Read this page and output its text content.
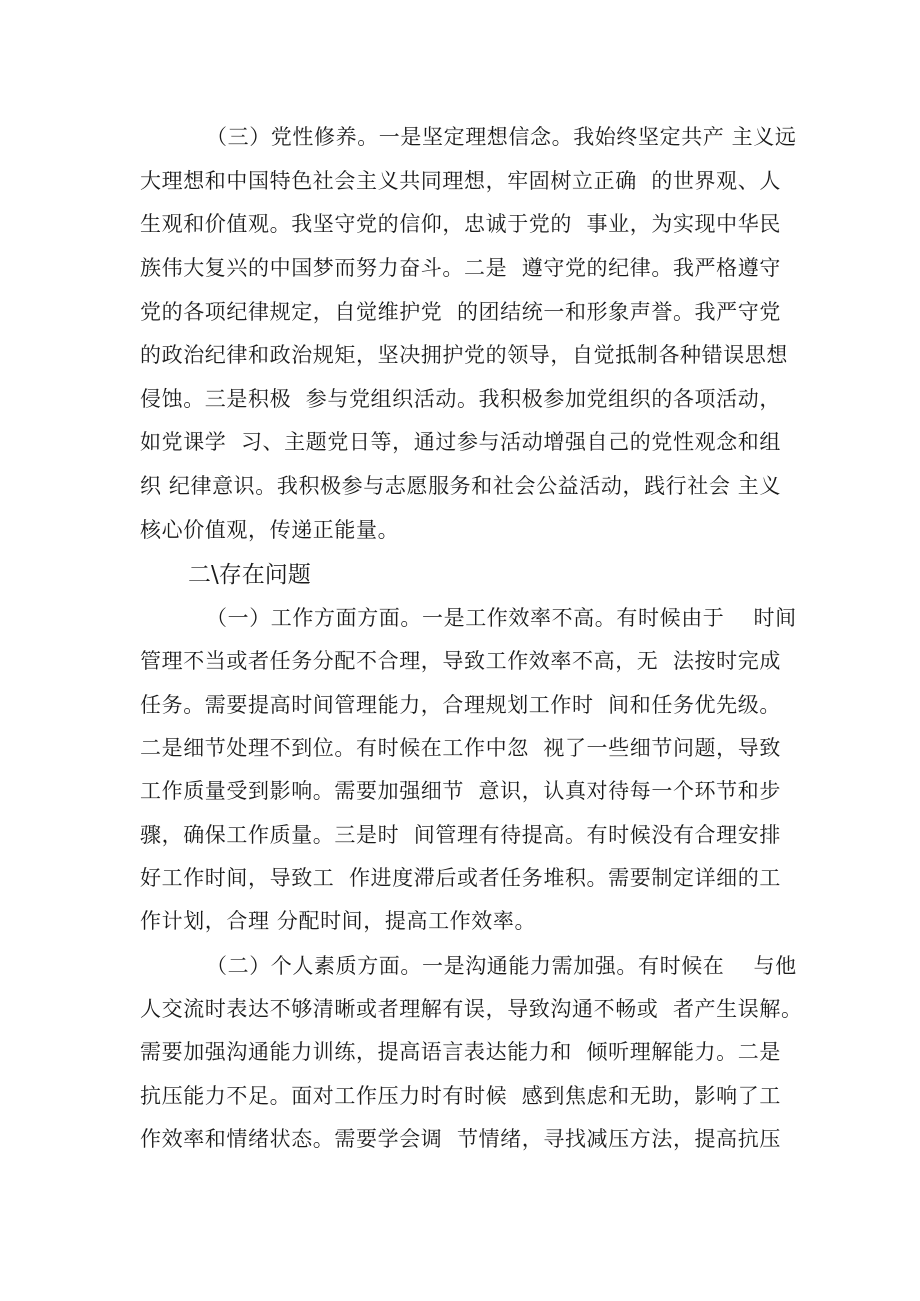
（三）党性修养。一是坚定理想信念。我始终坚定共产 主义远
大理想和中国特色社会主义共同理想，牢固树立正确  的世界观、人
生观和价值观。我坚守党的信仰，忠诚于党的  事业，为实现中华民
族伟大复兴的中国梦而努力奋斗。二是  遵守党的纪律。我严格遵守
党的各项纪律规定，自觉维护党  的团结统一和形象声誉。我严守党
的政治纪律和政治规矩，坚决拥护党的领导，自觉抵制各种错误思想
侵蚀。三是积极  参与党组织活动。我积极参加党组织的各项活动，
如党课学  习、主题党日等，通过参与活动增强自己的党性观念和组
织 纪律意识。我积极参与志愿服务和社会公益活动，践行社会 主义
核心价值观，传递正能量。
二\存在问题
（一）工作方面方面。一是工作效率不高。有时候由于    时间
管理不当或者任务分配不合理，导致工作效率不高，无  法按时完成
任务。需要提高时间管理能力，合理规划工作时  间和任务优先级。
二是细节处理不到位。有时候在工作中忽  视了一些细节问题，导致
工作质量受到影响。需要加强细节  意识，认真对待每一个环节和步
骤，确保工作质量。三是时  间管理有待提高。有时候没有合理安排
好工作时间，导致工  作进度滞后或者任务堆积。需要制定详细的工
作计划，合理 分配时间，提高工作效率。
（二）个人素质方面。一是沟通能力需加强。有时候在    与他
人交流时表达不够清晰或者理解有误，导致沟通不畅或  者产生误解。
需要加强沟通能力训练，提高语言表达能力和  倾听理解能力。二是
抗压能力不足。面对工作压力时有时候  感到焦虑和无助，影响了工
作效率和情绪状态。需要学会调  节情绪，寻找减压方法，提高抗压
